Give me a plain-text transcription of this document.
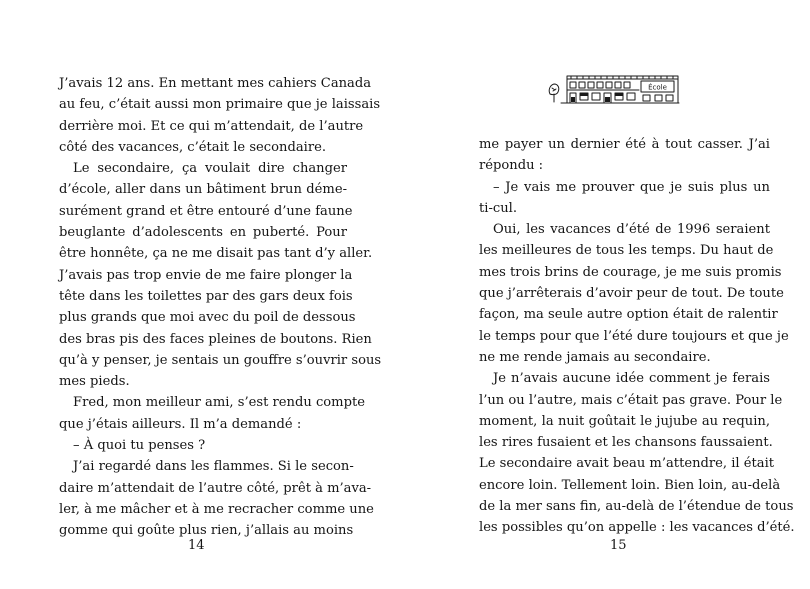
J’avais 12 ans. En mettant mes cahiers Canada
au feu, c’était aussi mon primaire que je laissais
derrière moi. Et ce qui m’attendait, de l’autre
côté des vacances, c’était le secondaire.
Le secondaire, ça voulait dire changer
d’école, aller dans un bâtiment brun déme-
surément grand et être entouré d’une faune
beuglante d’adolescents en puberté. Pour
être honnête, ça ne me disait pas tant d’y aller.
J’avais pas trop envie de me faire plonger la
tête dans les toilettes par des gars deux fois
plus grands que moi avec du poil de dessous
des bras pis des faces pleines de boutons. Rien
qu’à y penser, je sentais un gouffre s’ouvrir sous
mes pieds.
Fred, mon meilleur ami, s’est rendu compte
que j’étais ailleurs. Il m’a demandé :
– À quoi tu penses ?
J’ai regardé dans les flammes. Si le secon-
daire m’attendait de l’autre côté, prêt à m’ava-
ler, à me mâcher et à me recracher comme une
gomme qui goûte plus rien, j’allais au moins
14
École
me payer un dernier été à tout casser. J’ai
répondu :
– Je vais me prouver que je suis plus un
ti-cul.
Oui, les vacances d’été de 1996 seraient
les meilleures de tous les temps. Du haut de
mes trois brins de courage, je me suis promis
que j’arrêterais d’avoir peur de tout. De toute
façon, ma seule autre option était de ralentir
le temps pour que l’été dure toujours et que je
ne me rende jamais au secondaire.
Je n’avais aucune idée comment je ferais
l’un ou l’autre, mais c’était pas grave. Pour le
moment, la nuit goûtait le jujube au requin,
les rires fusaient et les chansons faussaient.
Le secondaire avait beau m’attendre, il était
encore loin. Tellement loin. Bien loin, au-delà
de la mer sans fin, au-delà de l’étendue de tous
les possibles qu’on appelle : les vacances d’été.
15
